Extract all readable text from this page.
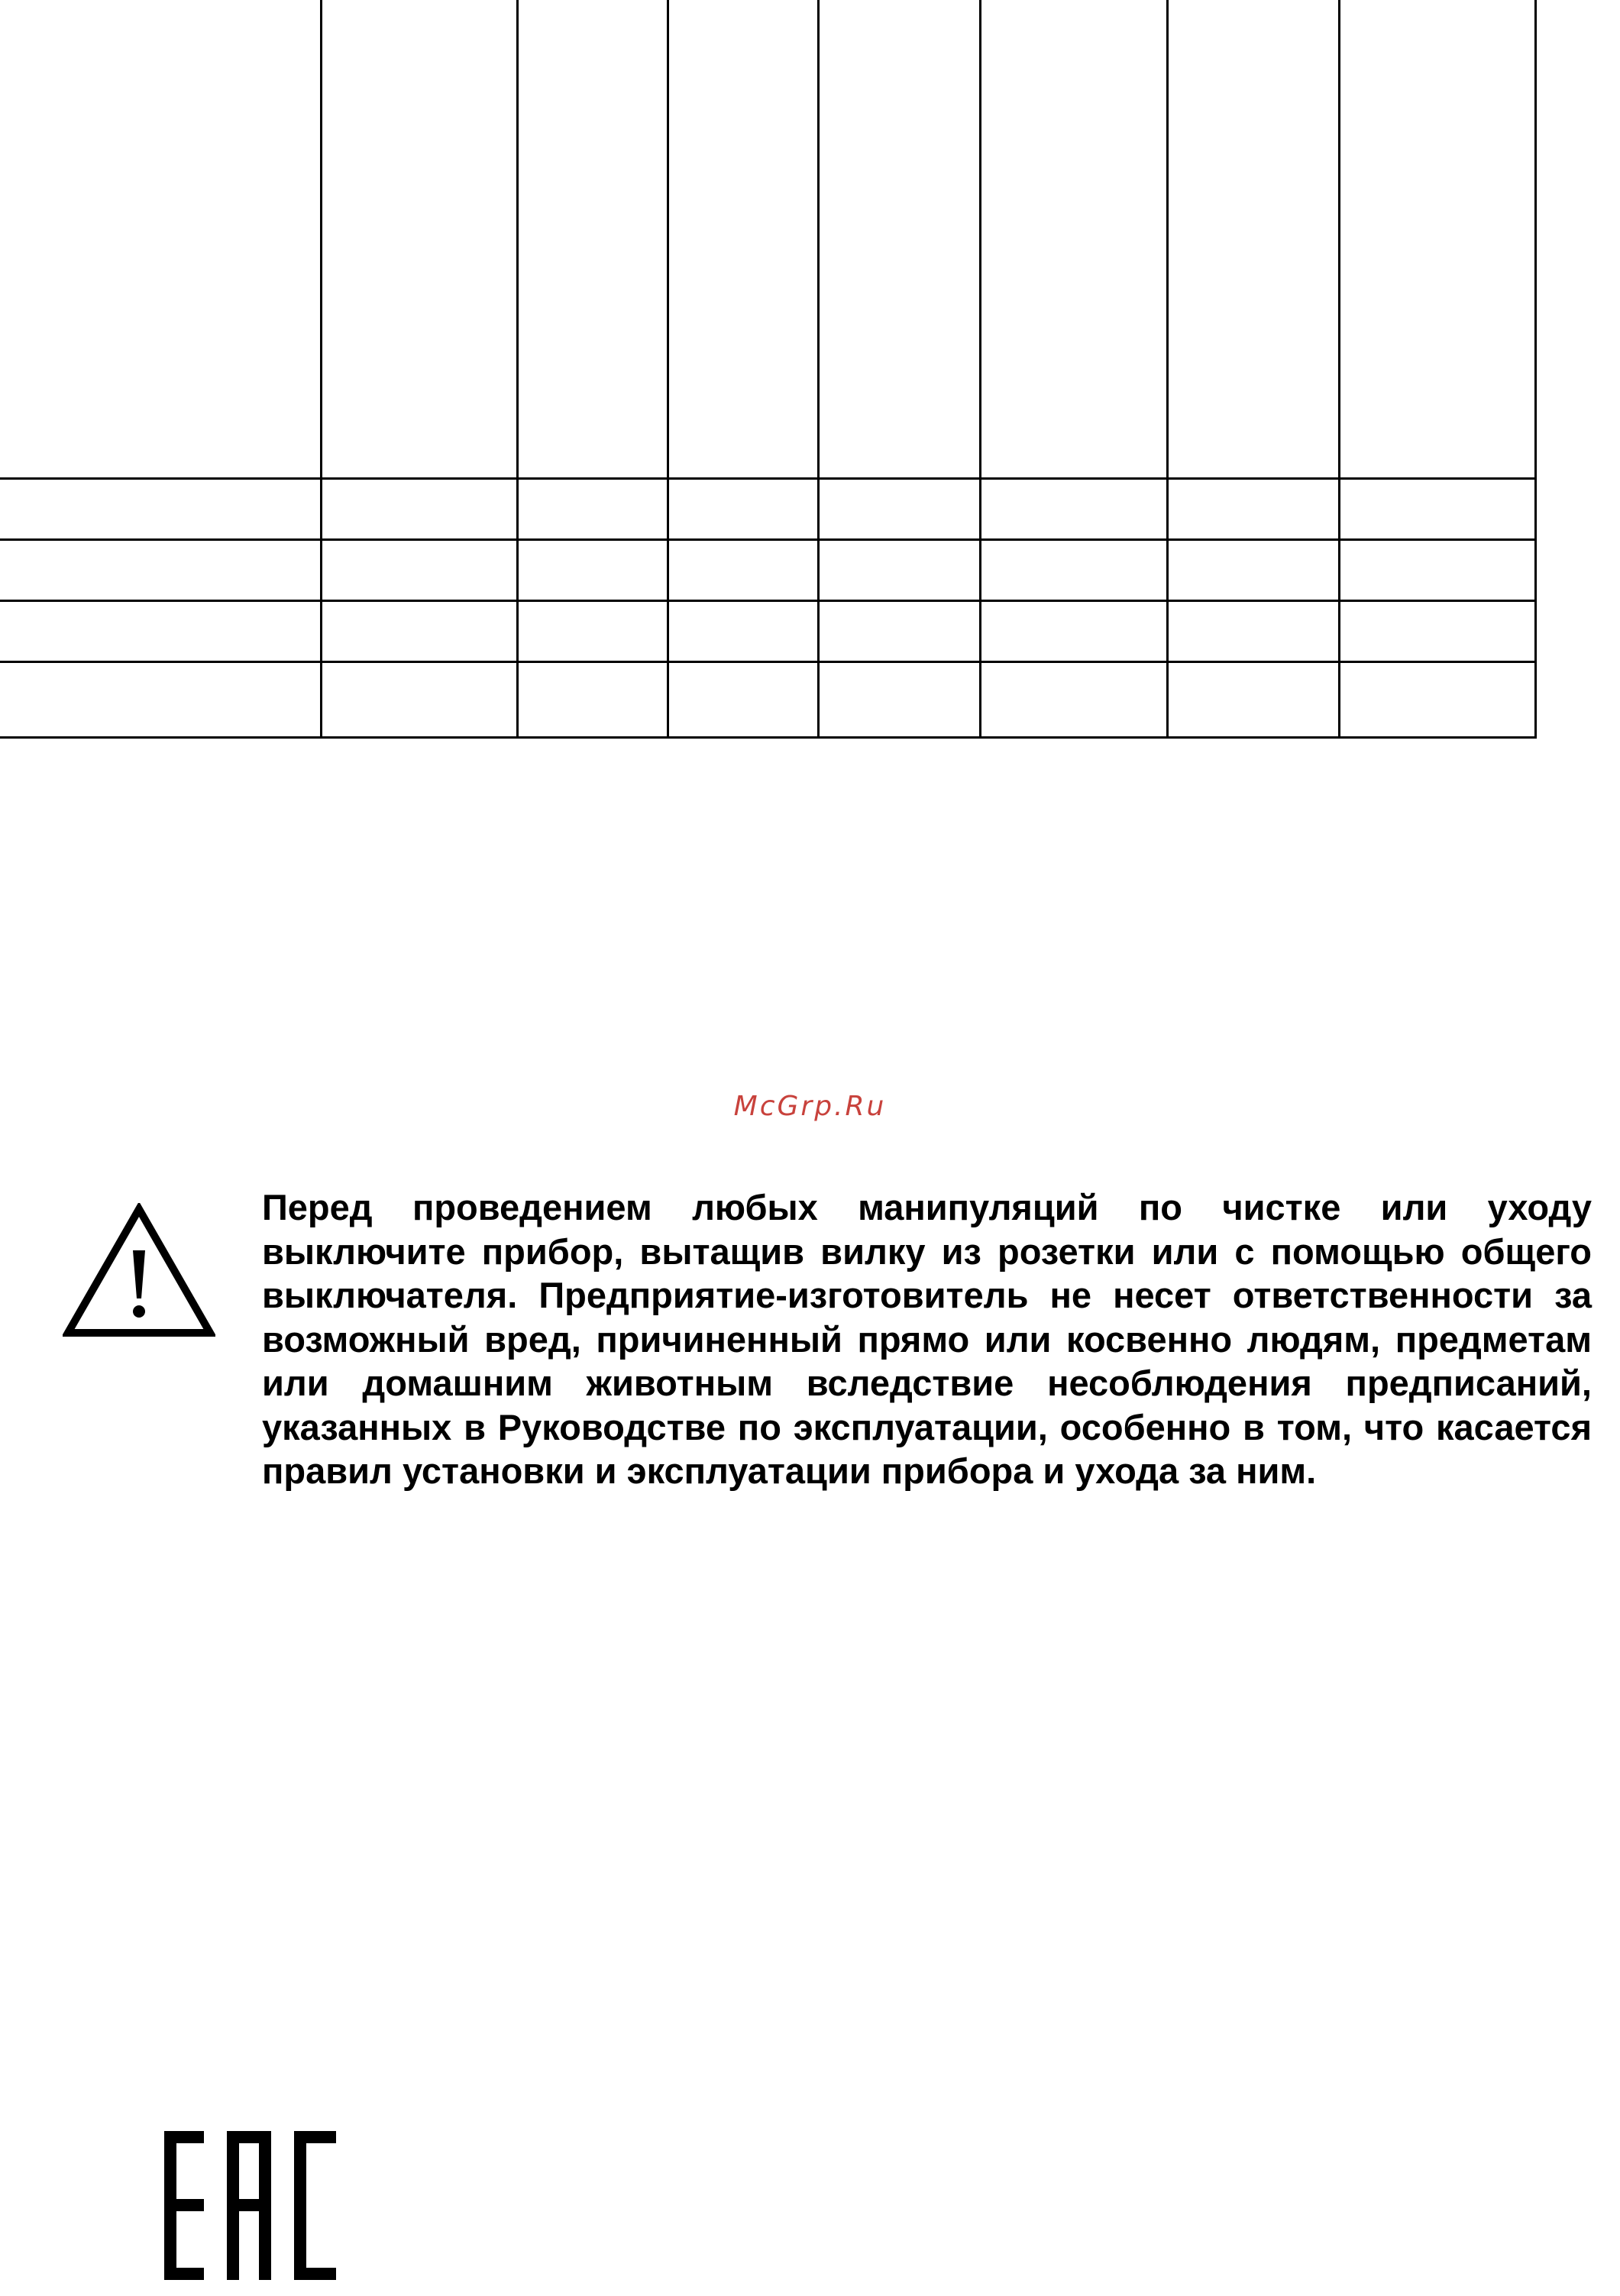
McGrp.Ru

Перед проведением любых манипуляций по чистке или уходу выключите прибор, вытащив вилку из розетки или с помощью общего выключателя. Предприятие-изготовитель не несет ответственности за возможный вред, причиненный прямо или косвенно людям, предметам или домашним животным вследствие несоблюдения предписаний, указанных в Руководстве по эксплуатации, особенно в том, что касается правил установки и эксплуатации прибора и ухода за ним.
